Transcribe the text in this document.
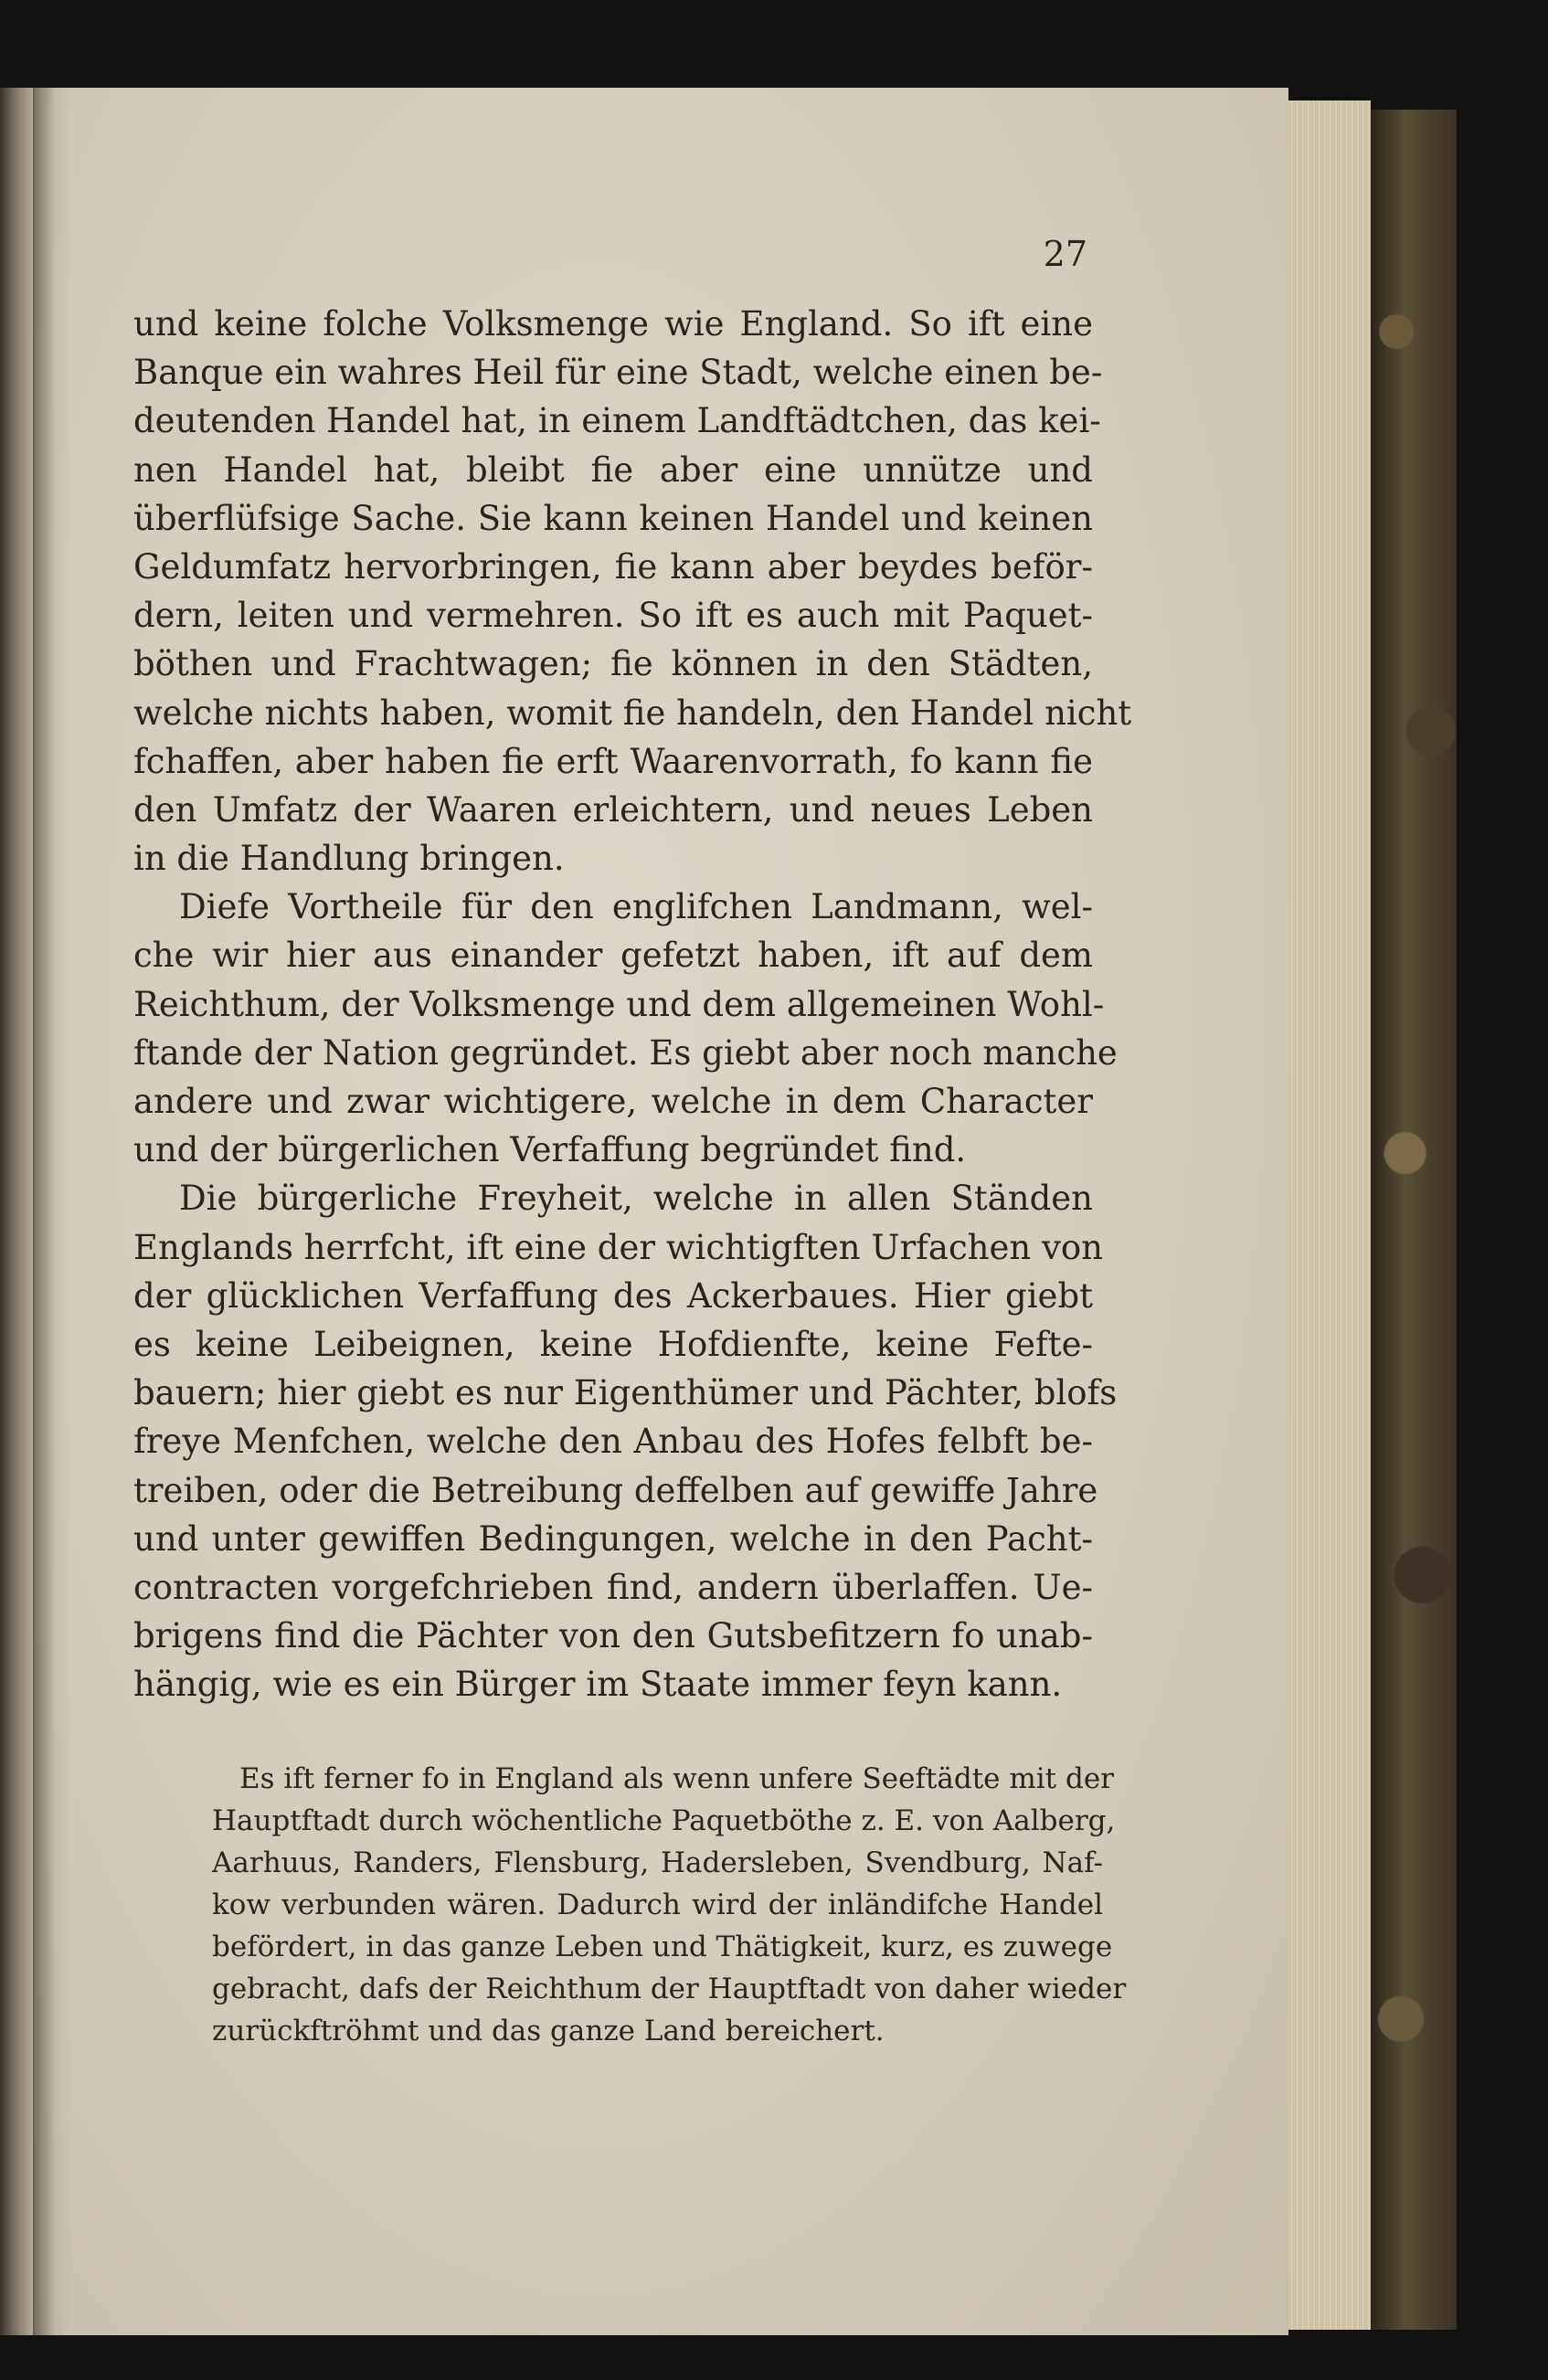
27
und keine folche Volksmenge wie England. So ift eine
Banque ein wahres Heil für eine Stadt, welche einen be-
deutenden Handel hat, in einem Landftädtchen, das kei-
nen Handel hat, bleibt fie aber eine unnütze und
überflüfsige Sache. Sie kann keinen Handel und keinen
Geldumfatz hervorbringen, fie kann aber beydes beför-
dern, leiten und vermehren. So ift es auch mit Paquet-
böthen und Frachtwagen; fie können in den Städten,
welche nichts haben, womit fie handeln, den Handel nicht
fchaffen, aber haben fie erft Waarenvorrath, fo kann fie
den Umfatz der Waaren erleichtern, und neues Leben
in die Handlung bringen.
Diefe Vortheile für den englifchen Landmann, wel-
che wir hier aus einander gefetzt haben, ift auf dem
Reichthum, der Volksmenge und dem allgemeinen Wohl-
ftande der Nation gegründet. Es giebt aber noch manche
andere und zwar wichtigere, welche in dem Character
und der bürgerlichen Verfaffung begründet find.
Die bürgerliche Freyheit, welche in allen Ständen
Englands herrfcht, ift eine der wichtigften Urfachen von
der glücklichen Verfaffung des Ackerbaues. Hier giebt
es keine Leibeignen, keine Hofdienfte, keine Fefte-
bauern; hier giebt es nur Eigenthümer und Pächter, blofs
freye Menfchen, welche den Anbau des Hofes felbft be-
treiben, oder die Betreibung deffelben auf gewiffe Jahre
und unter gewiffen Bedingungen, welche in den Pacht-
contracten vorgefchrieben find, andern überlaffen. Ue-
brigens find die Pächter von den Gutsbefitzern fo unab-
hängig, wie es ein Bürger im Staate immer feyn kann.
Es ift ferner fo in England als wenn unfere Seeftädte mit der
Hauptftadt durch wöchentliche Paquetböthe z. E. von Aalberg,
Aarhuus, Randers, Flensburg, Hadersleben, Svendburg, Naf-
kow verbunden wären. Dadurch wird der inländifche Handel
befördert, in das ganze Leben und Thätigkeit, kurz, es zuwege
gebracht, dafs der Reichthum der Hauptftadt von daher wieder
zurückftröhmt und das ganze Land bereichert.
